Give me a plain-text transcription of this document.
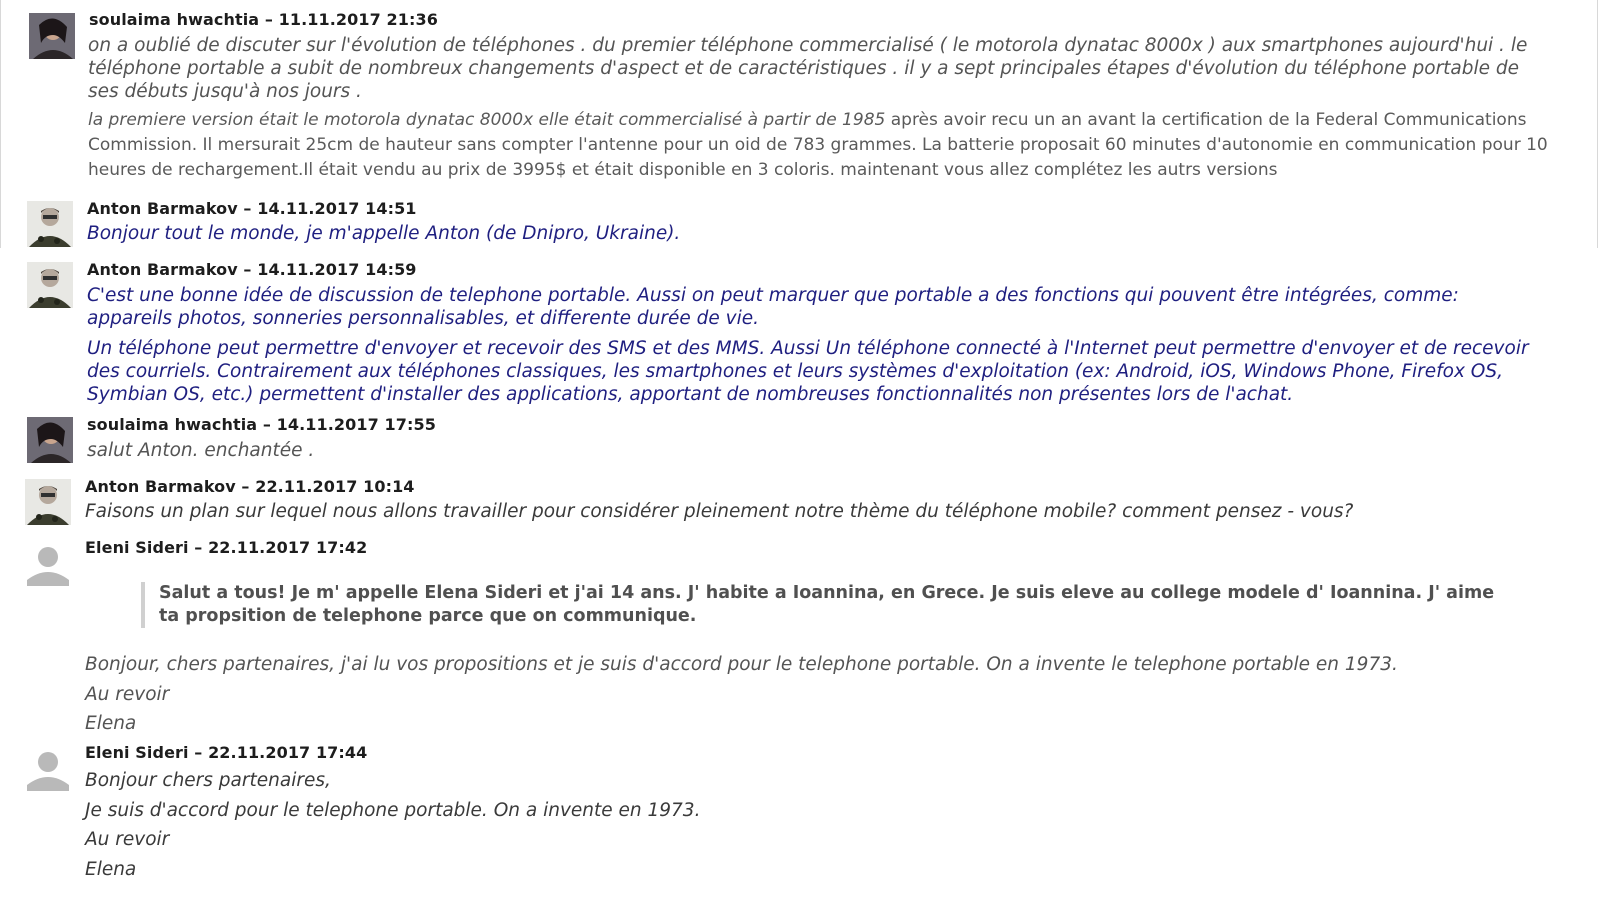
soulaima hwachtia – 11.11.2017 21:36

on a oublié de discuter sur l'évolution de téléphones . du premier téléphone commercialisé ( le motorola dynatac 8000x ) aux smartphones aujourd'hui . le téléphone portable a subit de nombreux changements d'aspect et de caractéristiques . il y a sept principales étapes d'évolution du téléphone portable de ses débuts jusqu'à nos jours .

la premiere version était le motorola dynatac 8000x elle était commercialisé à partir de 1985 après avoir recu un an avant la certification de la Federal Communications Commission. Il mersurait 25cm de hauteur sans compter l'antenne pour un oid de 783 grammes. La batterie proposait 60 minutes d'autonomie en communication pour 10 heures de rechargement.Il était vendu au prix de 3995$ et était disponible en 3 coloris. maintenant vous allez complétez les autrs versions
Anton Barmakov – 14.11.2017 14:51

Bonjour tout le monde, je m'appelle Anton (de Dnipro, Ukraine).

Anton Barmakov – 14.11.2017 14:59

C'est une bonne idée de discussion de telephone portable. Aussi on peut marquer que portable a des fonctions qui pouvent être intégrées, comme: appareils photos, sonneries personnalisables, et differente durée de vie.

Un téléphone peut permettre d'envoyer et recevoir des SMS et des MMS. Aussi Un téléphone connecté à l'Internet peut permettre d'envoyer et de recevoir des courriels. Contrairement aux téléphones classiques, les smartphones et leurs systèmes d'exploitation (ex: Android, iOS, Windows Phone, Firefox OS, Symbian OS, etc.) permettent d'installer des applications, apportant de nombreuses fonctionnalités non présentes lors de l'achat.

soulaima hwachtia – 14.11.2017 17:55

salut Anton. enchantée .

Anton Barmakov – 22.11.2017 10:14

Faisons un plan sur lequel nous allons travailler pour considérer pleinement notre thème du téléphone mobile? comment pensez - vous?

Eleni Sideri – 22.11.2017 17:42
Salut a tous! Je m' appelle Elena Sideri et j'ai 14 ans. J' habite a Ioannina, en Grece. Je suis eleve au college modele d' Ioannina. J' aime ta propsition de telephone parce que on communique.

Bonjour, chers partenaires, j'ai lu vos propositions et je suis d'accord pour le telephone portable. On a invente le telephone portable en 1973.

Au revoir

Elena

Eleni Sideri – 22.11.2017 17:44

Bonjour chers partenaires,

Je suis d'accord pour le telephone portable. On a invente en 1973.

Au revoir

Elena
